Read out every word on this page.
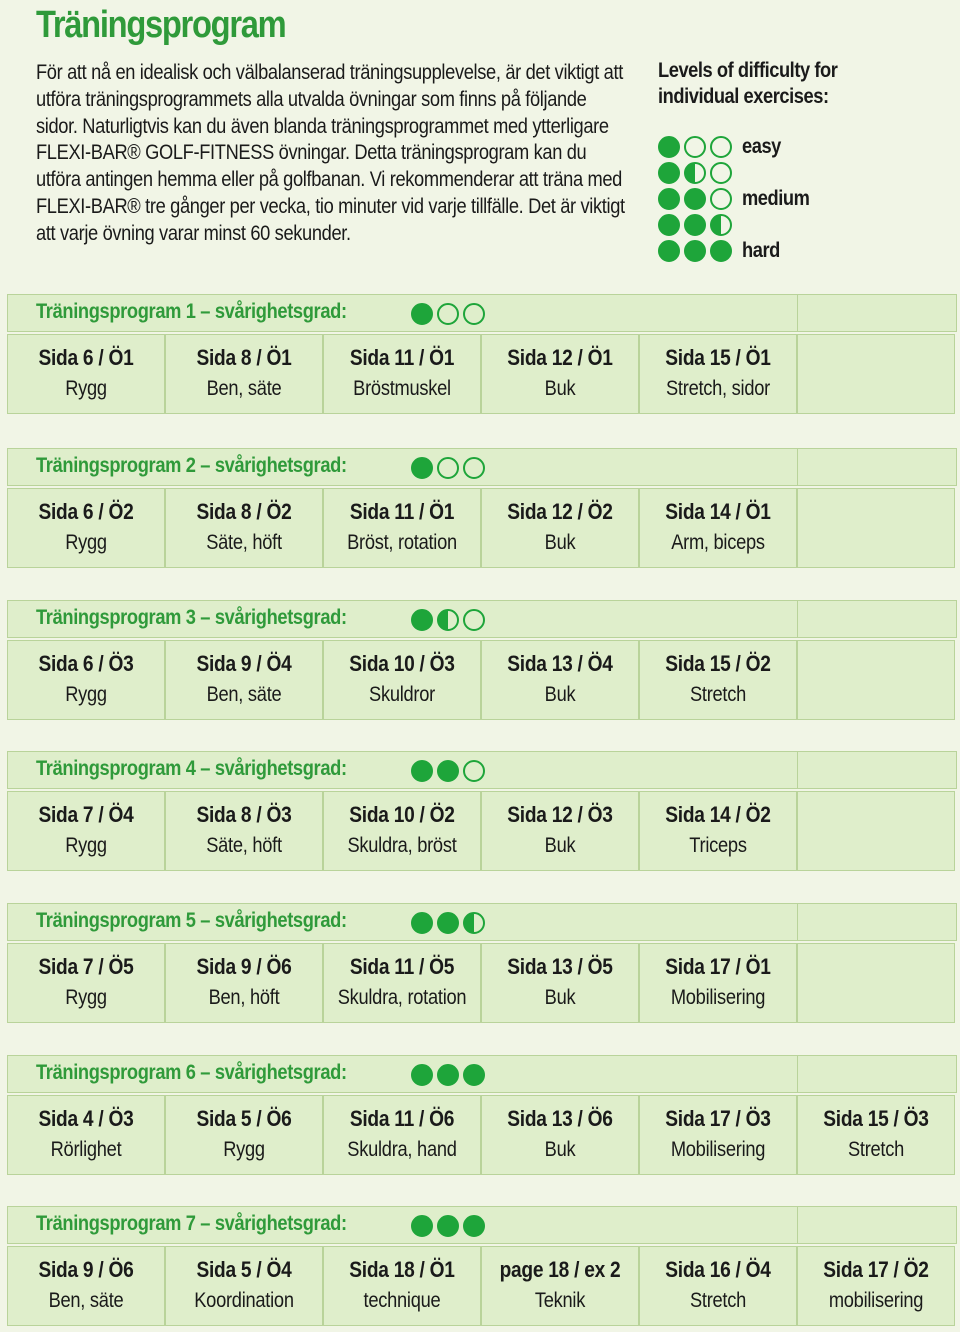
Träningsprogram
För att nå en idealisk och välbalanserad träningsupplevelse, är det viktigt att utföra träningsprogrammets alla utvalda övningar som finns på följande sidor. Naturligtvis kan du även blanda träningsprogrammet med ytterligare FLEXI-BAR® GOLF-FITNESS övningar. Detta träningsprogram kan du utföra antingen hemma eller på golfbanan. Vi rekommenderar att träna med FLEXI-BAR® tre gånger per vecka, tio minuter vid varje tillfälle. Det är viktigt att varje övning varar minst 60 sekunder.
Levels of difficulty for individual exercises:
easy
medium
hard
Träningsprogram 1 – svårighetsgrad:
Sida 6 / Ö1
Rygg
Sida 8 / Ö1
Ben, säte
Sida 11 / Ö1
Bröstmuskel
Sida 12 / Ö1
Buk
Sida 15 / Ö1
Stretch, sidor
Träningsprogram 2 – svårighetsgrad:
Sida 6 / Ö2
Rygg
Sida 8 / Ö2
Säte, höft
Sida 11 / Ö1
Bröst, rotation
Sida 12 / Ö2
Buk
Sida 14 / Ö1
Arm, biceps
Träningsprogram 3 – svårighetsgrad:
Sida 6 / Ö3
Rygg
Sida 9 / Ö4
Ben, säte
Sida 10 / Ö3
Skuldror
Sida 13 / Ö4
Buk
Sida 15 / Ö2
Stretch
Träningsprogram 4 – svårighetsgrad:
Sida 7 / Ö4
Rygg
Sida 8 / Ö3
Säte, höft
Sida 10 / Ö2
Skuldra, bröst
Sida 12 / Ö3
Buk
Sida 14 / Ö2
Triceps
Träningsprogram 5 – svårighetsgrad:
Sida 7 / Ö5
Rygg
Sida 9 / Ö6
Ben, höft
Sida 11 / Ö5
Skuldra, rotation
Sida 13 / Ö5
Buk
Sida 17 / Ö1
Mobilisering
Träningsprogram 6 – svårighetsgrad:
Sida 4 / Ö3
Rörlighet
Sida 5 / Ö6
Rygg
Sida 11 / Ö6
Skuldra, hand
Sida 13 / Ö6
Buk
Sida 17 / Ö3
Mobilisering
Sida 15 / Ö3
Stretch
Träningsprogram 7 – svårighetsgrad:
Sida 9 / Ö6
Ben, säte
Sida 5 / Ö4
Koordination
Sida 18 / Ö1
technique
page 18 / ex 2
Teknik
Sida 16 / Ö4
Stretch
Sida 17 / Ö2
mobilisering
